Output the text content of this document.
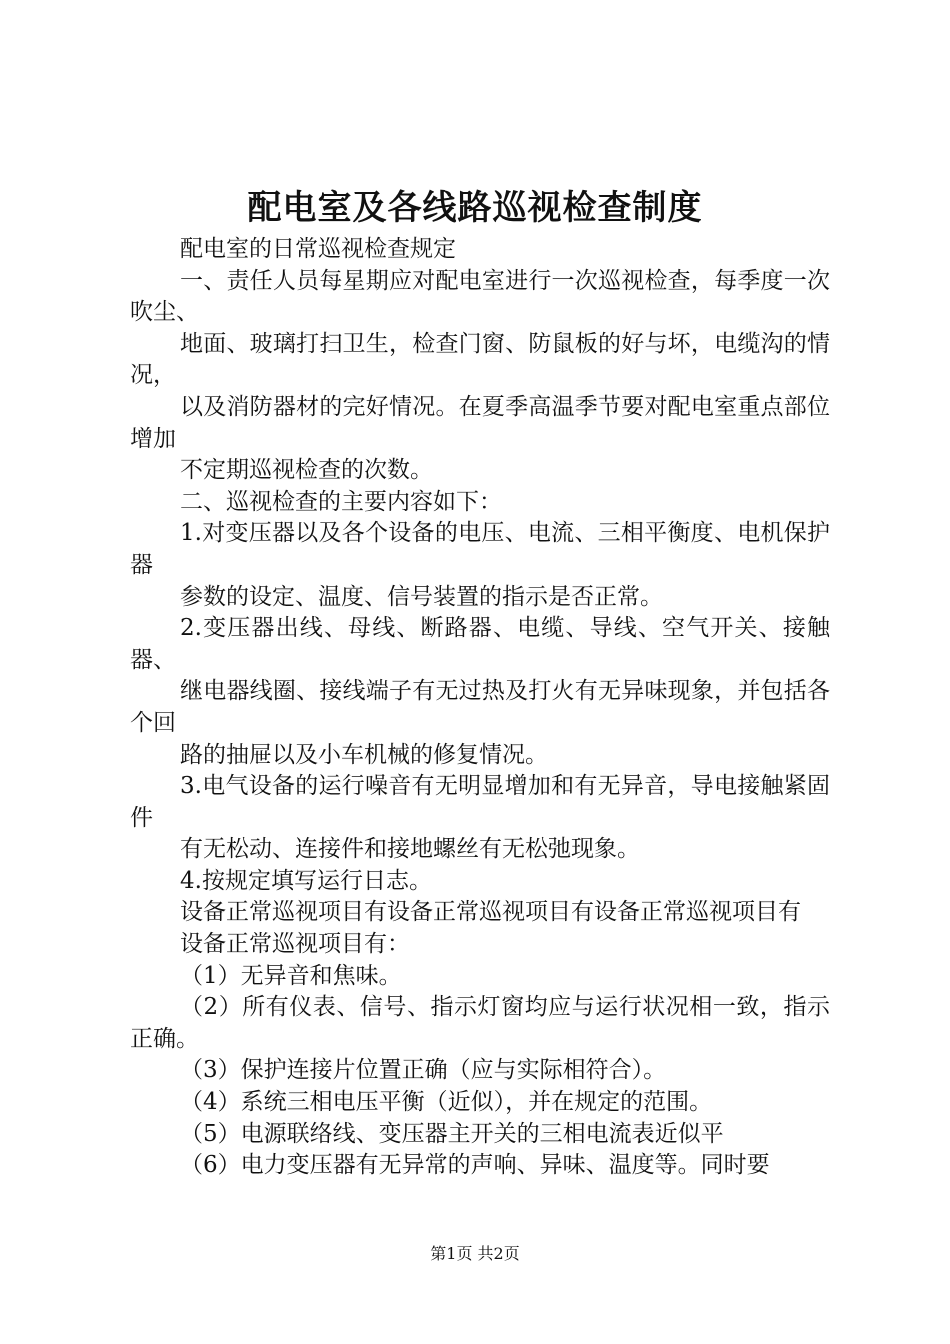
配电室及各线路巡视检查制度

配电室的日常巡视检查规定

一、责任人员每星期应对配电室进行一次巡视检查，每季度一次吹尘、

地面、玻璃打扫卫生，检查门窗、防鼠板的好与坏，电缆沟的情况，

以及消防器材的完好情况。在夏季高温季节要对配电室重点部位增加

不定期巡视检查的次数。

二、巡视检查的主要内容如下：

1.对变压器以及各个设备的电压、电流、三相平衡度、电机保护器

参数的设定、温度、信号装置的指示是否正常。

2.变压器出线、母线、断路器、电缆、导线、空气开关、接触器、

继电器线圈、接线端子有无过热及打火有无异味现象，并包括各个回

路的抽屉以及小车机械的修复情况。

3.电气设备的运行噪音有无明显增加和有无异音，导电接触紧固件

有无松动、连接件和接地螺丝有无松弛现象。

4.按规定填写运行日志。

设备正常巡视项目有设备正常巡视项目有设备正常巡视项目有

设备正常巡视项目有：

（1）无异音和焦味。

（2）所有仪表、信号、指示灯窗均应与运行状况相一致，指示正确。

（3）保护连接片位置正确（应与实际相符合）。

（4）系统三相电压平衡（近似），并在规定的范围。

（5）电源联络线、变压器主开关的三相电流表近似平

（6）电力变压器有无异常的声响、异味、温度等。同时要

第1页 共2页
